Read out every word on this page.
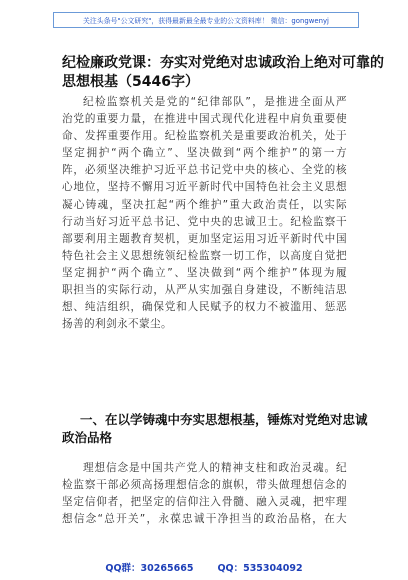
关注头条号"公文研究"，获得最新最全最专业的公文资料库！ 微信：gongwenyj
纪检廉政党课：夯实对党绝对忠诚政治上绝对可靠的
思想根基（5446字）
纪检监察机关是党的“纪律部队”，是推进全面从严
治党的重要力量，在推进中国式现代化进程中肩负重要使
命、发挥重要作用。纪检监察机关是重要政治机关，处于
坚定拥护“两个确立”、坚决做到“两个维护”的第一方
阵，必须坚决维护习近平总书记党中央的核心、全党的核
心地位，坚持不懈用习近平新时代中国特色社会主义思想
凝心铸魂，坚决扛起“两个维护”重大政治责任，以实际
行动当好习近平总书记、党中央的忠诚卫士。纪检监察干
部要利用主题教育契机，更加坚定运用习近平新时代中国
特色社会主义思想统领纪检监察一切工作，以高度自觉把
坚定拥护“两个确立”、坚决做到“两个维护”体现为履
职担当的实际行动，从严从实加强自身建设，不断纯洁思
想、纯洁组织，确保党和人民赋予的权力不被滥用、惩恶
扬善的利剑永不蒙尘。
一、在以学铸魂中夯实思想根基，锤炼对党绝对忠诚
政治品格
理想信念是中国共产党人的精神支柱和政治灵魂。纪
检监察干部必须高扬理想信念的旗帜，带头做理想信念的
坚定信仰者，把坚定的信仰注入骨髓、融入灵魂，把牢理
想信念“总开关”，永葆忠诚干净担当的政治品格，在大
QQ群：30265665	QQ：535304092
